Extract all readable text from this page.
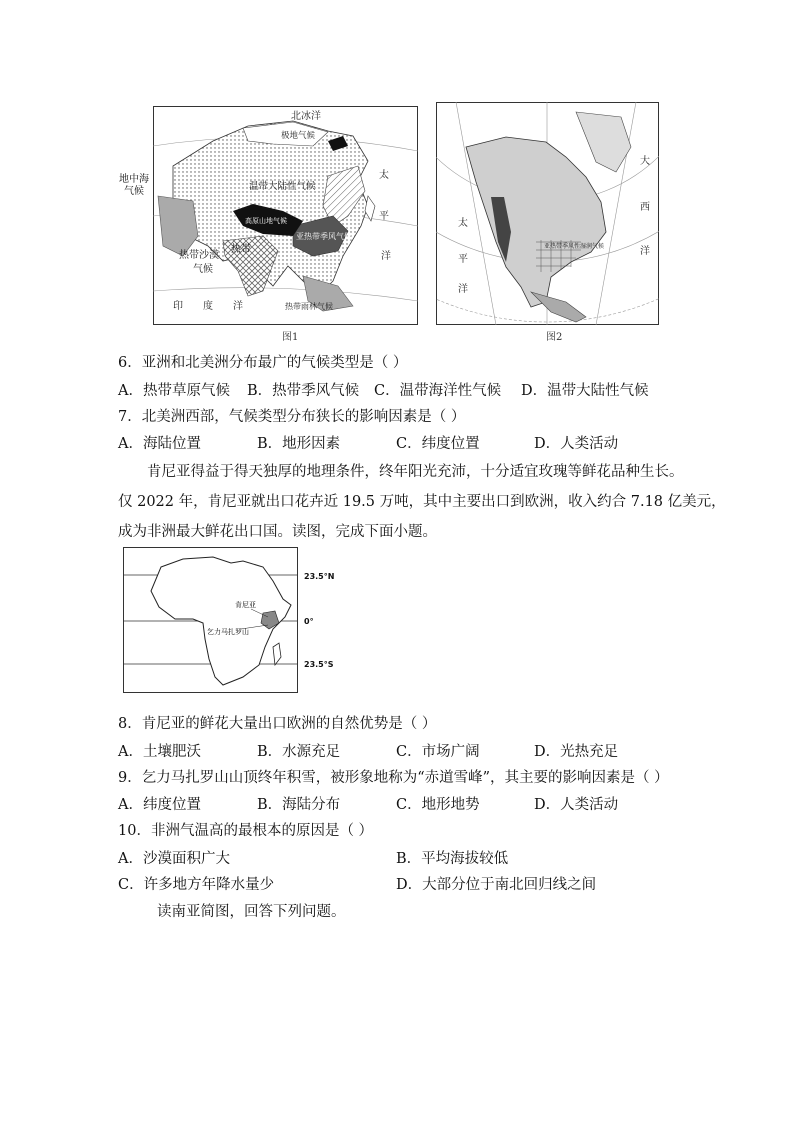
北冰洋
极地气候
温带大陆性气候
高原山地气候
亚热带季风气候
太
平
洋
热带沙漠
气候
热带
印 度 洋	热带雨林气候
地中海
气候
图1
太
平
洋
大
西
洋
亚热带季风性湿润气候
图2
6．亚洲和北美洲分布最广的气候类型是（ ）
A．热带草原气候 B．热带季风气候 C．温带海洋性气候 D．温带大陆性气候
7．北美洲西部，气候类型分布狭长的影响因素是（ ）
A．海陆位置	B．地形因素	C．纬度位置	D．人类活动
肯尼亚得益于得天独厚的地理条件，终年阳光充沛，十分适宜玫瑰等鲜花品种生长。
仅 2022 年，肯尼亚就出口花卉近 19.5 万吨，其中主要出口到欧洲，收入约合 7.18 亿美元，
成为非洲最大鲜花出口国。读图，完成下面小题。
肯尼亚
乞力马扎罗山
23.5°N
0°
23.5°S
8．肯尼亚的鲜花大量出口欧洲的自然优势是（ ）
A．土壤肥沃	B．水源充足	C．市场广阔	D．光热充足
9．乞力马扎罗山山顶终年积雪，被形象地称为“赤道雪峰”，其主要的影响因素是（ ）
A．纬度位置	B．海陆分布	C．地形地势	D．人类活动
10．非洲气温高的最根本的原因是（ ）
A．沙漠面积广大	B．平均海拔较低
C．许多地方年降水量少	D．大部分位于南北回归线之间
读南亚简图，回答下列问题。
